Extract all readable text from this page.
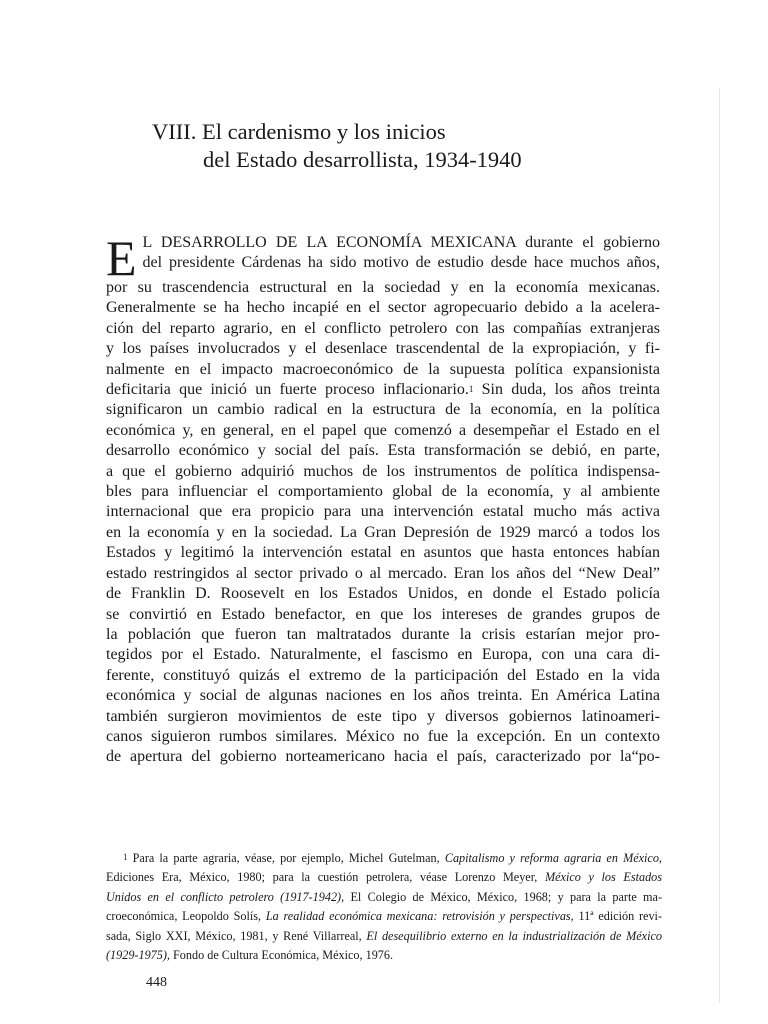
VIII. El cardenismo y los inicios
del Estado desarrollista, 1934-1940
E L DESARROLLO DE LA ECONOMÍA MEXICANA durante el gobierno
del presidente Cárdenas ha sido motivo de estudio desde hace muchos años,
por su trascendencia estructural en la sociedad y en la economía mexicanas.
Generalmente se ha hecho incapié en el sector agropecuario debido a la acelera-
ción del reparto agrario, en el conflicto petrolero con las compañías extranjeras
y los países involucrados y el desenlace trascendental de la expropiación, y fi-
nalmente en el impacto macroeconómico de la supuesta política expansionista
deficitaria que inició un fuerte proceso inflacionario.$^1$ Sin duda, los años treinta
significaron un cambio radical en la estructura de la economía, en la política
económica y, en general, en el papel que comenzó a desempeñar el Estado en el
desarrollo económico y social del país. Esta transformación se debió, en parte,
a que el gobierno adquirió muchos de los instrumentos de política indispensa-
bles para influenciar el comportamiento global de la economía, y al ambiente
internacional que era propicio para una intervención estatal mucho más activa
en la economía y en la sociedad. La Gran Depresión de 1929 marcó a todos los
Estados y legitimó la intervención estatal en asuntos que hasta entonces habían
estado restringidos al sector privado o al mercado. Eran los años del “New Deal”
de Franklin D. Roosevelt en los Estados Unidos, en donde el Estado policía
se convirtió en Estado benefactor, en que los intereses de grandes grupos de
la población que fueron tan maltratados durante la crisis estarían mejor pro-
tegidos por el Estado. Naturalmente, el fascismo en Europa, con una cara di-
ferente, constituyó quizás el extremo de la participación del Estado en la vida
económica y social de algunas naciones en los años treinta. En América Latina
también surgieron movimientos de este tipo y diversos gobiernos latinoameri-
canos siguieron rumbos similares. México no fue la excepción. En un contexto
de apertura del gobierno norteamericano hacia el país, caracterizado por la“po-
$^1$ Para la parte agraria, véase, por ejemplo, Michel Gutelman, Capitalismo y reforma agraria en México,
Ediciones Era, México, 1980; para la cuestión petrolera, véase Lorenzo Meyer, México y los Estados
Unidos en el conflicto petrolero (1917-1942), El Colegio de México, México, 1968; y para la parte ma-
croeconómica, Leopoldo Solís, La realidad económica mexicana: retrovisión y perspectivas, 11ª edición revi-
sada, Siglo XXI, México, 1981, y René Villarreal, El desequilibrio externo en la industrialización de México
(1929-1975), Fondo de Cultura Económica, México, 1976.
448
